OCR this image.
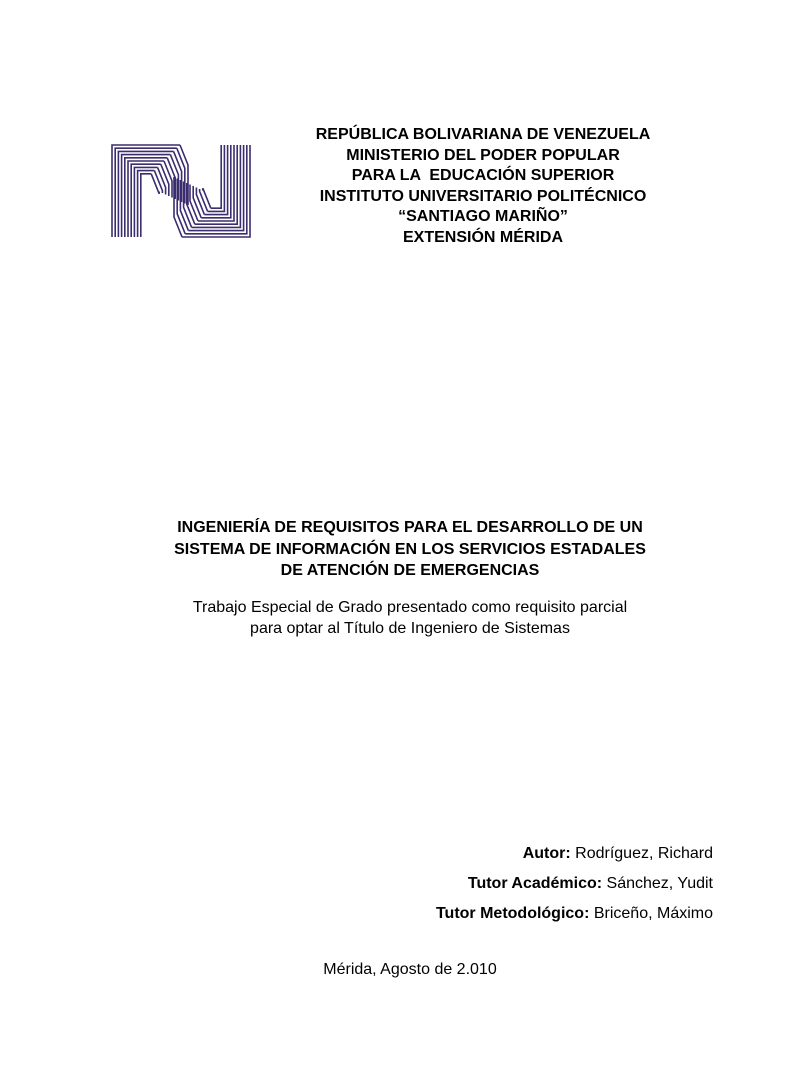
REPÚBLICA BOLIVARIANA DE VENEZUELA
MINISTERIO DEL PODER POPULAR
PARA LA  EDUCACIÓN SUPERIOR
INSTITUTO UNIVERSITARIO POLITÉCNICO
“SANTIAGO MARIÑO”
EXTENSIÓN MÉRIDA
INGENIERÍA DE REQUISITOS PARA EL DESARROLLO DE UN
SISTEMA DE INFORMACIÓN EN LOS SERVICIOS ESTADALES
DE ATENCIÓN DE EMERGENCIAS
Trabajo Especial de Grado presentado como requisito parcial
para optar al Título de Ingeniero de Sistemas
Autor: Rodríguez, Richard
Tutor Académico: Sánchez, Yudit
Tutor Metodológico: Briceño, Máximo
Mérida, Agosto de 2.010
